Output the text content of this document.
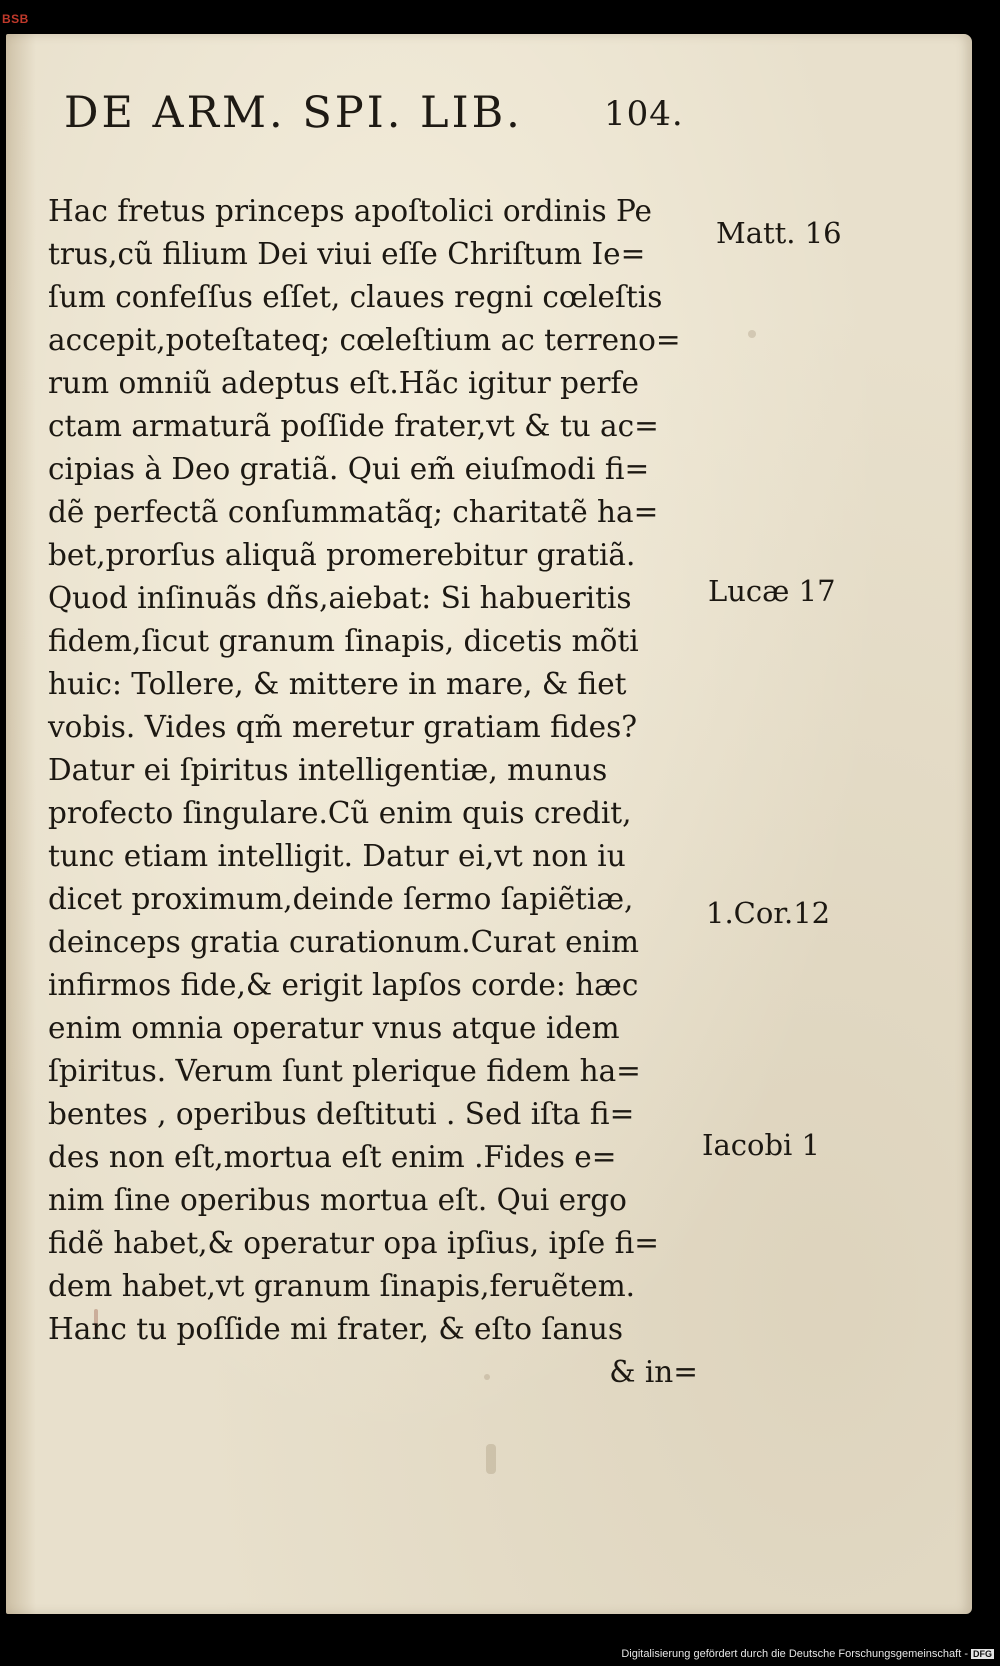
BSB
DE ARM. SPI. LIB. 104.
Hac fretus princeps apoſtolici ordinis Pe
trus,cũ filium Dei viui eſſe Chriſtum Ie=
ſum confeſſus eſſet, claues regni cœleſtis
accepit,poteſtateq; cœleſtium ac terreno=
rum omniũ adeptus eſt.Hãc igitur perfe
ctam armaturã poſſide frater,vt & tu ac=
cipias à Deo gratiã. Qui em̃ eiuſmodi fi=
dẽ perfectã conſummatãq; charitatẽ ha=
bet,prorſus aliquã promerebitur gratiã.
Quod inſinuãs dñs,aiebat: Si habueritis
fidem,ſicut granum ſinapis, dicetis mõti
huic: Tollere, & mittere in mare, & fiet
vobis. Vides qm̃ meretur gratiam fides?
Datur ei ſpiritus intelligentiæ, munus
profecto ſingulare.Cũ enim quis credit,
tunc etiam intelligit. Datur ei,vt non iu
dicet proximum,deinde ſermo ſapiẽtiæ,
deinceps gratia curationum.Curat enim
infirmos fide,& erigit lapſos corde: hæc
enim omnia operatur vnus atque idem
ſpiritus. Verum ſunt plerique fidem ha=
bentes , operibus deſtituti . Sed iſta fi=
des non eſt,mortua eſt enim .Fides e=
nim ſine operibus mortua eſt. Qui ergo
fidẽ habet,& operatur opa ipſius, ipſe fi=
dem habet,vt granum ſinapis,feruẽtem.
Hanc tu poſſide mi frater, & eſto ſanus
& in=
Matt. 16
Lucæ 17
1.Cor.12
Iacobi 1
Digitalisierung gefördert durch die Deutsche Forschungsgemeinschaft - DFG
